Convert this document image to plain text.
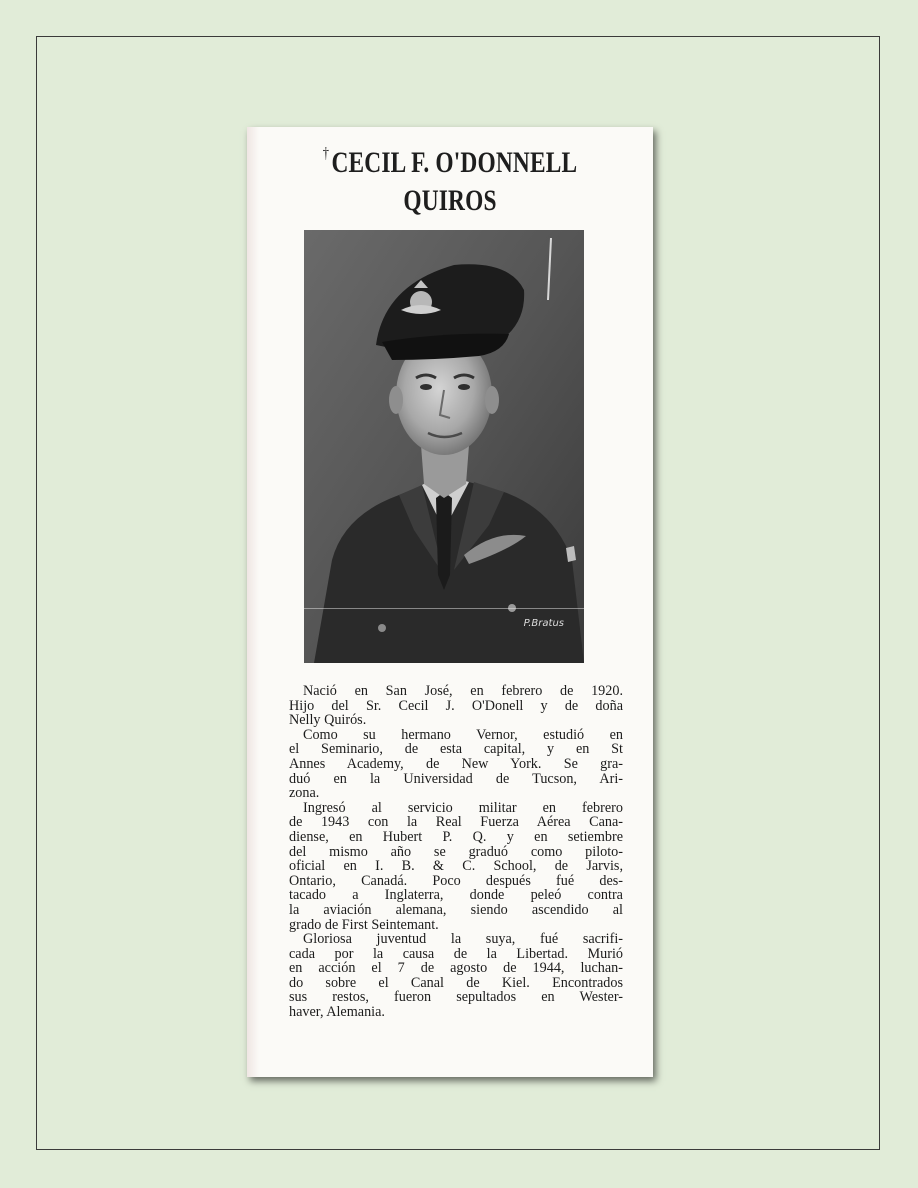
†CECIL F. O'DONNELL
QUIROS
P.Bratus

Nació en San José, en febrero de 1920.
Hijo del Sr. Cecil J. O'Donell y de doña
Nelly Quirós.

Como su hermano Vernor, estudió en
el Seminario, de esta capital, y en St
Annes Academy, de New York. Se gra-
duó en la Universidad de Tucson, Ari-
zona.

Ingresó al servicio militar en febrero
de 1943 con la Real Fuerza Aérea Cana-
diense, en Hubert P. Q. y en setiembre
del mismo año se graduó como piloto-
oficial en I. B. & C. School, de Jarvis,
Ontario, Canadá. Poco después fué des-
tacado a Inglaterra, donde peleó contra
la aviación alemana, siendo ascendido al
grado de First Seintemant.

Gloriosa juventud la suya, fué sacrifi-
cada por la causa de la Libertad. Murió
en acción el 7 de agosto de 1944, luchan-
do sobre el Canal de Kiel. Encontrados
sus restos, fueron sepultados en Wester-
haver, Alemania.
